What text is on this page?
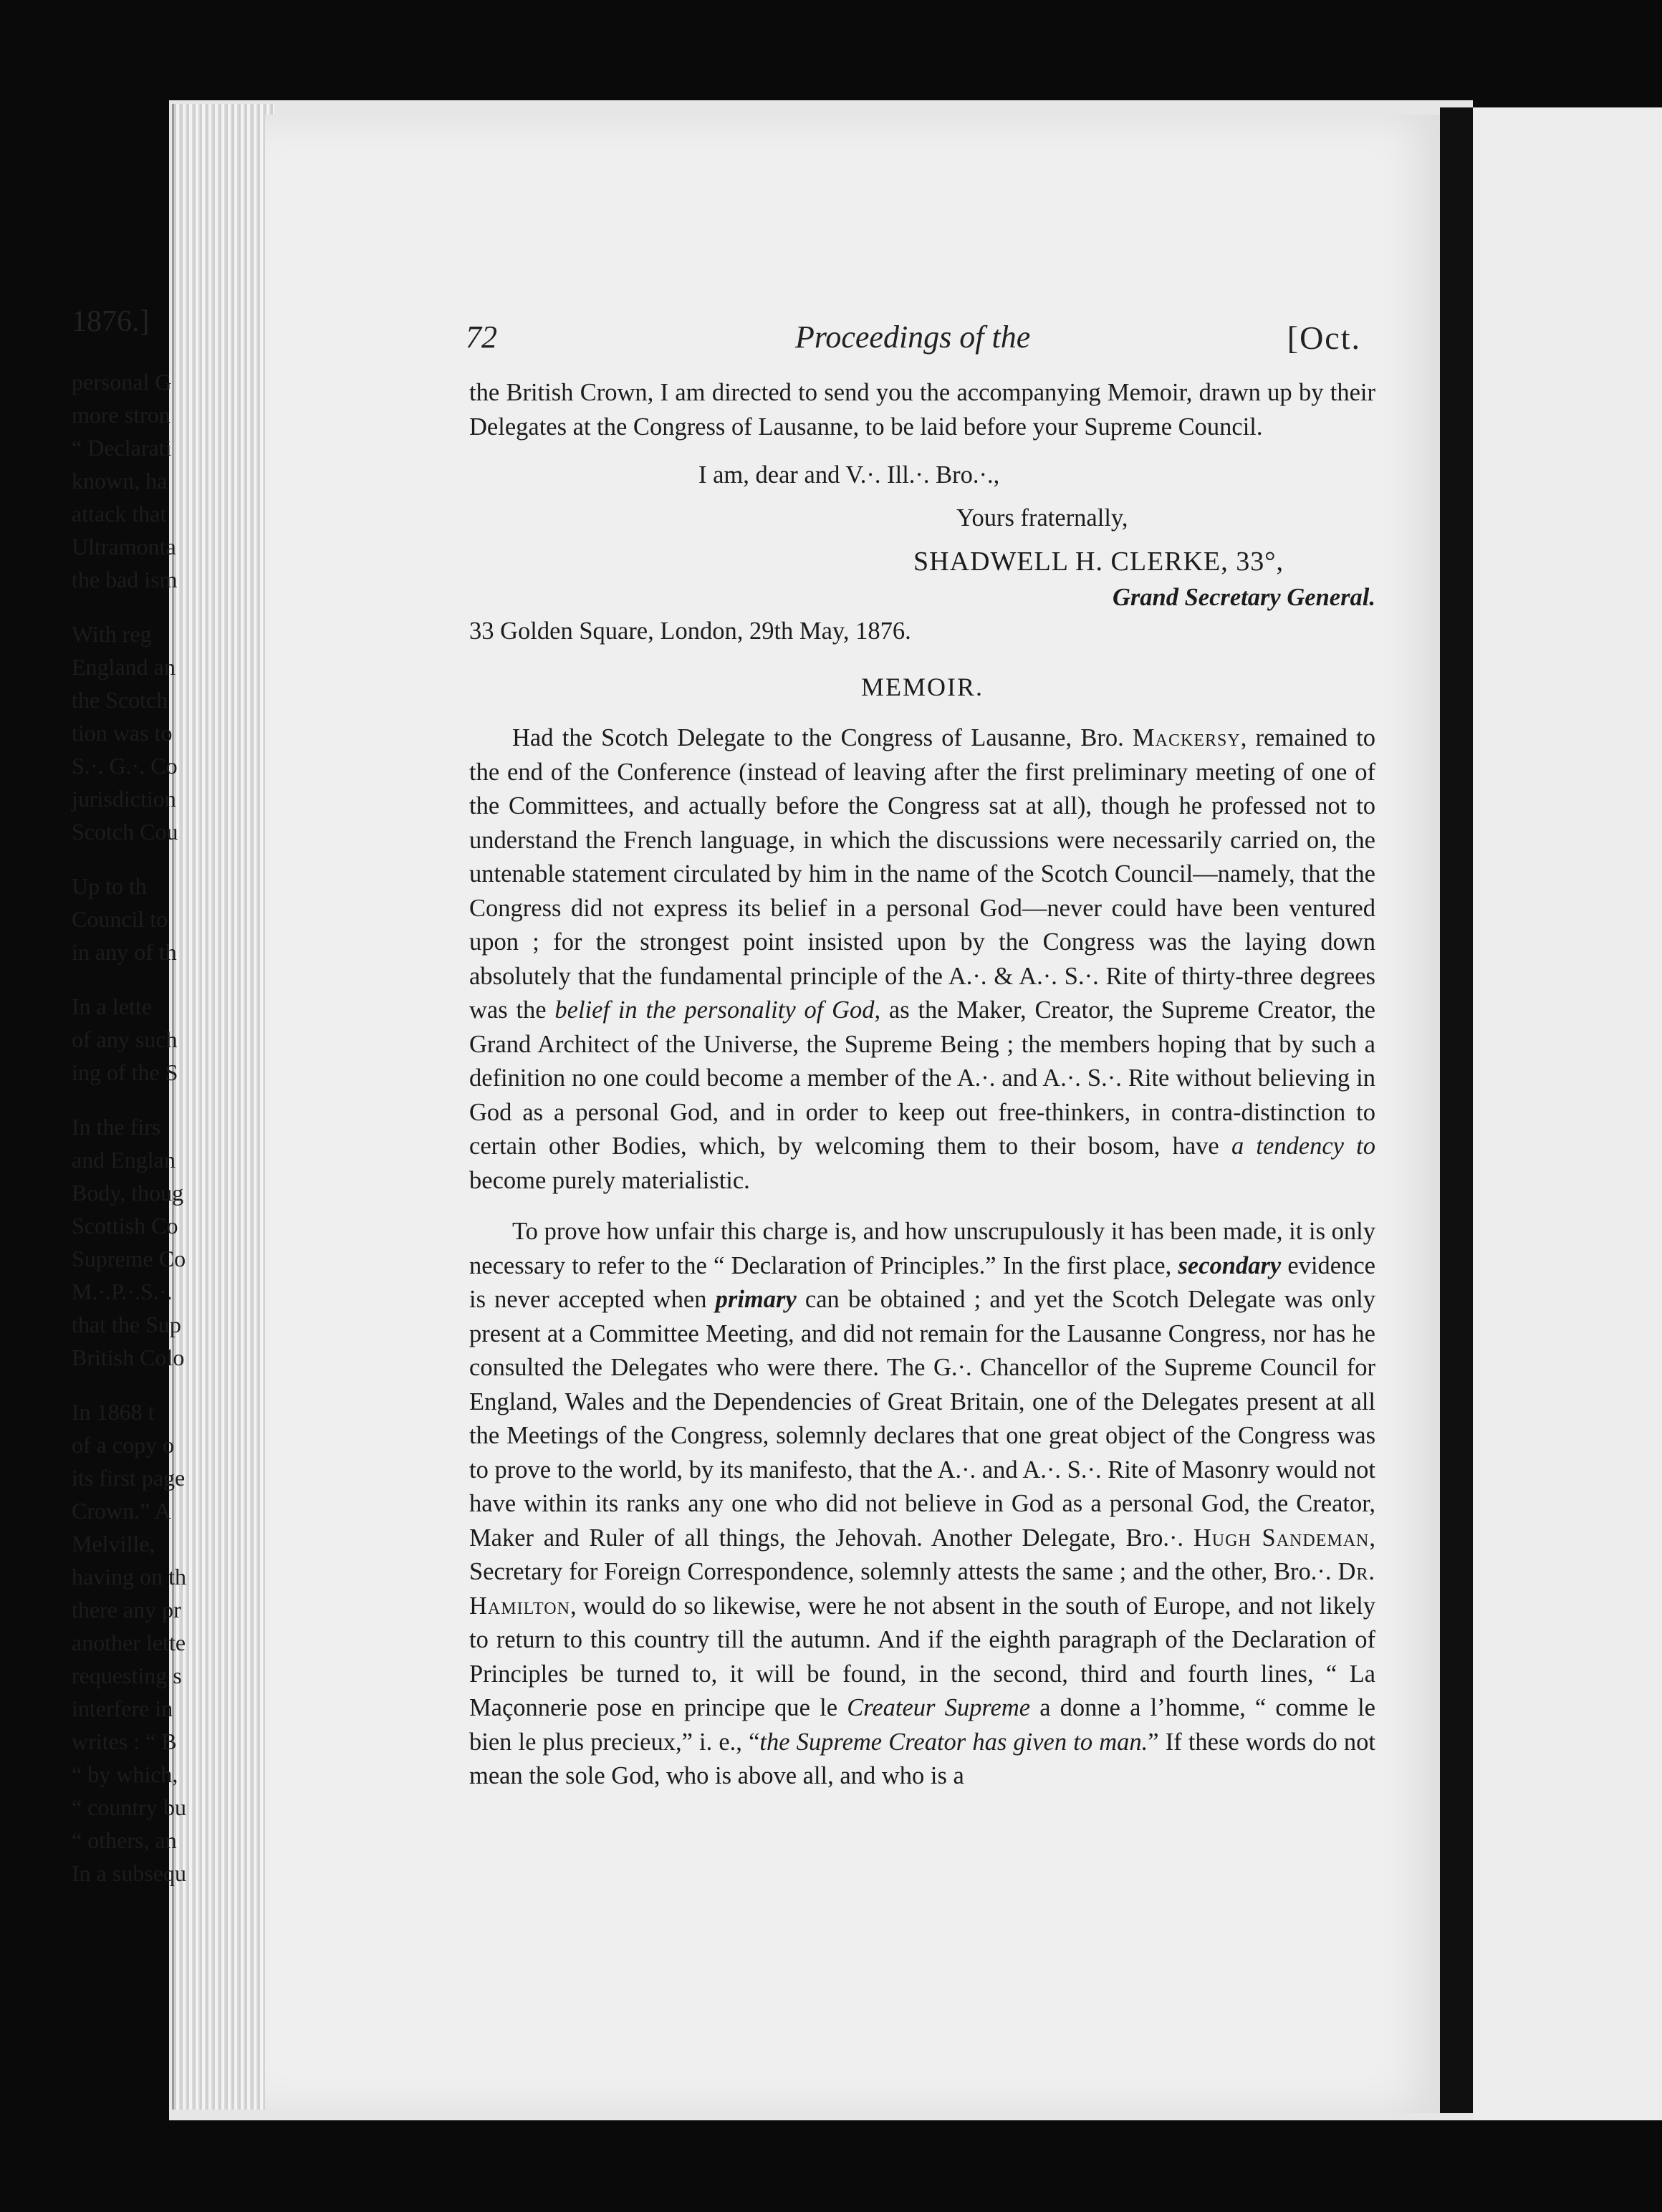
72	Proceedings of the	[Oct.

the British Crown, I am directed to send you the accompanying Memoir, drawn up by their Delegates at the Congress of Lausanne, to be laid before your Supreme Council.

I am, dear and V.·. Ill.·. Bro.·.,
Yours fraternally,
SHADWELL H. CLERKE, 33°,
Grand Secretary General.

33 Golden Square, London, 29th May, 1876.

MEMOIR.

Had the Scotch Delegate to the Congress of Lausanne, Bro. Mackersy, remained to the end of the Conference (instead of leaving after the first preliminary meeting of one of the Committees, and actually before the Congress sat at all), though he professed not to understand the French language, in which the discussions were necessarily carried on, the untenable statement circulated by him in the name of the Scotch Council—namely, that the Congress did not express its belief in a personal God—never could have been ventured upon ; for the strongest point insisted upon by the Congress was the laying down absolutely that the fundamental principle of the A.·. & A.·. S.·. Rite of thirty-three degrees was the belief in the personality of God, as the Maker, Creator, the Supreme Creator, the Grand Architect of the Universe, the Supreme Being ; the members hoping that by such a definition no one could become a member of the A.·. and A.·. S.·. Rite without believing in God as a personal God, and in order to keep out free-thinkers, in contra-distinction to certain other Bodies, which, by welcoming them to their bosom, have a tendency to become purely materialistic.

To prove how unfair this charge is, and how unscrupulously it has been made, it is only necessary to refer to the “ Declaration of Principles.” In the first place, secondary evidence is never accepted when primary can be obtained ; and yet the Scotch Delegate was only present at a Committee Meeting, and did not remain for the Lausanne Congress, nor has he consulted the Delegates who were there. The G.·. Chancellor of the Supreme Council for England, Wales and the Dependencies of Great Britain, one of the Delegates present at all the Meetings of the Congress, solemnly declares that one great object of the Congress was to prove to the world, by its manifesto, that the A.·. and A.·. S.·. Rite of Masonry would not have within its ranks any one who did not believe in God as a personal God, the Creator, Maker and Ruler of all things, the Jehovah. Another Delegate, Bro.·. Hugh Sandeman, Secretary for Foreign Correspondence, solemnly attests the same ; and the other, Bro.·. Dr. Hamilton, would do so likewise, were he not absent in the south of Europe, and not likely to return to this country till the autumn. And if the eighth paragraph of the Declaration of Principles be turned to, it will be found, in the second, third and fourth lines, “ La Maçonnerie pose en principe que le Createur Supreme a donne a l’homme, “ comme le bien le plus precieux,” i. e., “the Supreme Creator has given to man.” If these words do not mean the sole God, who is above all, and who is a

1876.]
personal G
more stron
“ Declarati
known, ha
attack that
Ultramonta
the bad ism
With reg
England an
the Scotch
tion was to
S.·. G.·. Co
jurisdiction
Scotch Cou
Up to th
Council to
in any of th
In a lette
of any such
ing of the S
In the firs
and Englan
Body, thoug
Scottish Co
Supreme Co
M.·.P.·.S.·.
that the Sup
British Colo
In 1868 t
of a copy o
its first page
Crown.” A
Melville,
having on th
there any pr
another lette
requesting s
interfere in
writes : “ B
“ by which,
“ country bu
“ others, an
In a subsequ
